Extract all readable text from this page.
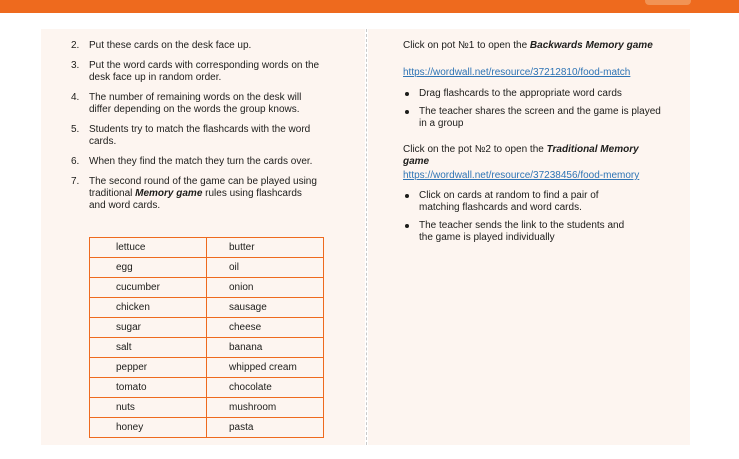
2. Put these cards on the desk face up.
3. Put the word cards with corresponding words on the desk face up in random order.
4. The number of remaining words on the desk will differ depending on the words the group knows.
5. Students try to match the flashcards with the word cards.
6. When they find the match they turn the cards over.
7. The second round of the game can be played using traditional Memory game rules using flashcards and word cards.
lettuce	butter
egg	oil
cucumber	onion
chicken	sausage
sugar	cheese
salt	banana
pepper	whipped cream
tomato	chocolate
nuts	mushroom
honey	pasta

Click on pot №1 to open the Backwards Memory game

https://wordwall.net/resource/37212810/food-match
Drag flashcards to the appropriate word cards
The teacher shares the screen and the game is played in a group

Click on the pot №2 to open the Traditional Memory game

https://wordwall.net/resource/37238456/food-memory
Click on cards at random to find a pair of matching flashcards and word cards.
The teacher sends the link to the students and the game is played individually
